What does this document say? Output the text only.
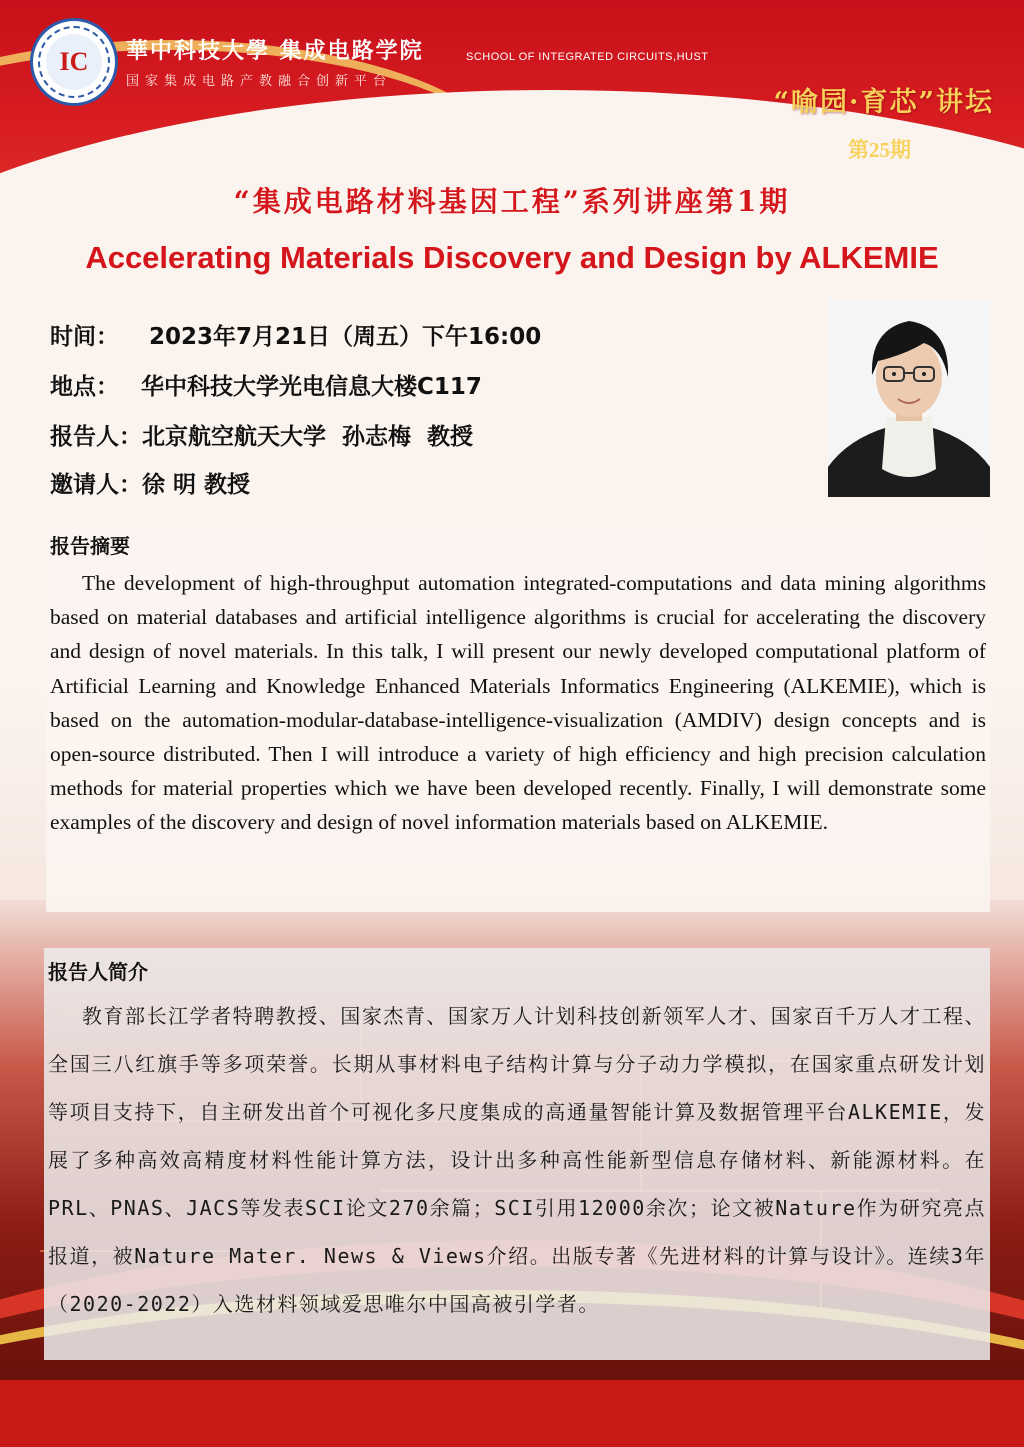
IC	華中科技大學 集成电路学院
国家集成电路产教融合创新平台
SCHOOL OF INTEGRATED CIRCUITS,HUST
“喻园·育芯”讲坛
第25期
“集成电路材料基因工程”系列讲座第1期
Accelerating Materials Discovery and Design by ALKEMIE
时间： 2023年7月21日（周五）下午16:00
地点： 华中科技大学光电信息大楼C117
报告人：北京航空航天大学  孙志梅  教授
邀请人：徐 明 教授
报告摘要

The development of high-throughput automation integrated-computations and data mining algorithms based on material databases and artificial intelligence algorithms is crucial for accelerating the discovery and design of novel materials. In this talk, I will present our newly developed computational platform of Artificial Learning and Knowledge Enhanced Materials Informatics Engineering (ALKEMIE), which is based on the automation-modular-database-intelligence-visualization (AMDIV) design concepts and is open-source distributed. Then I will introduce a variety of high efficiency and high precision calculation methods for material properties which we have been developed recently. Finally, I will demonstrate some examples of the discovery and design of novel information materials based on ALKEMIE.

报告人简介

教育部长江学者特聘教授、国家杰青、国家万人计划科技创新领军人才、国家百千万人才工程、全国三八红旗手等多项荣誉。长期从事材料电子结构计算与分子动力学模拟，在国家重点研发计划等项目支持下，自主研发出首个可视化多尺度集成的高通量智能计算及数据管理平台ALKEMIE，发展了多种高效高精度材料性能计算方法，设计出多种高性能新型信息存储材料、新能源材料。在PRL、PNAS、JACS等发表SCI论文270余篇；SCI引用12000余次；论文被Nature作为研究亮点报道，被Nature Mater. News & Views介绍。出版专著《先进材料的计算与设计》。连续3年（2020-2022）入选材料领域爱思唯尔中国高被引学者。
